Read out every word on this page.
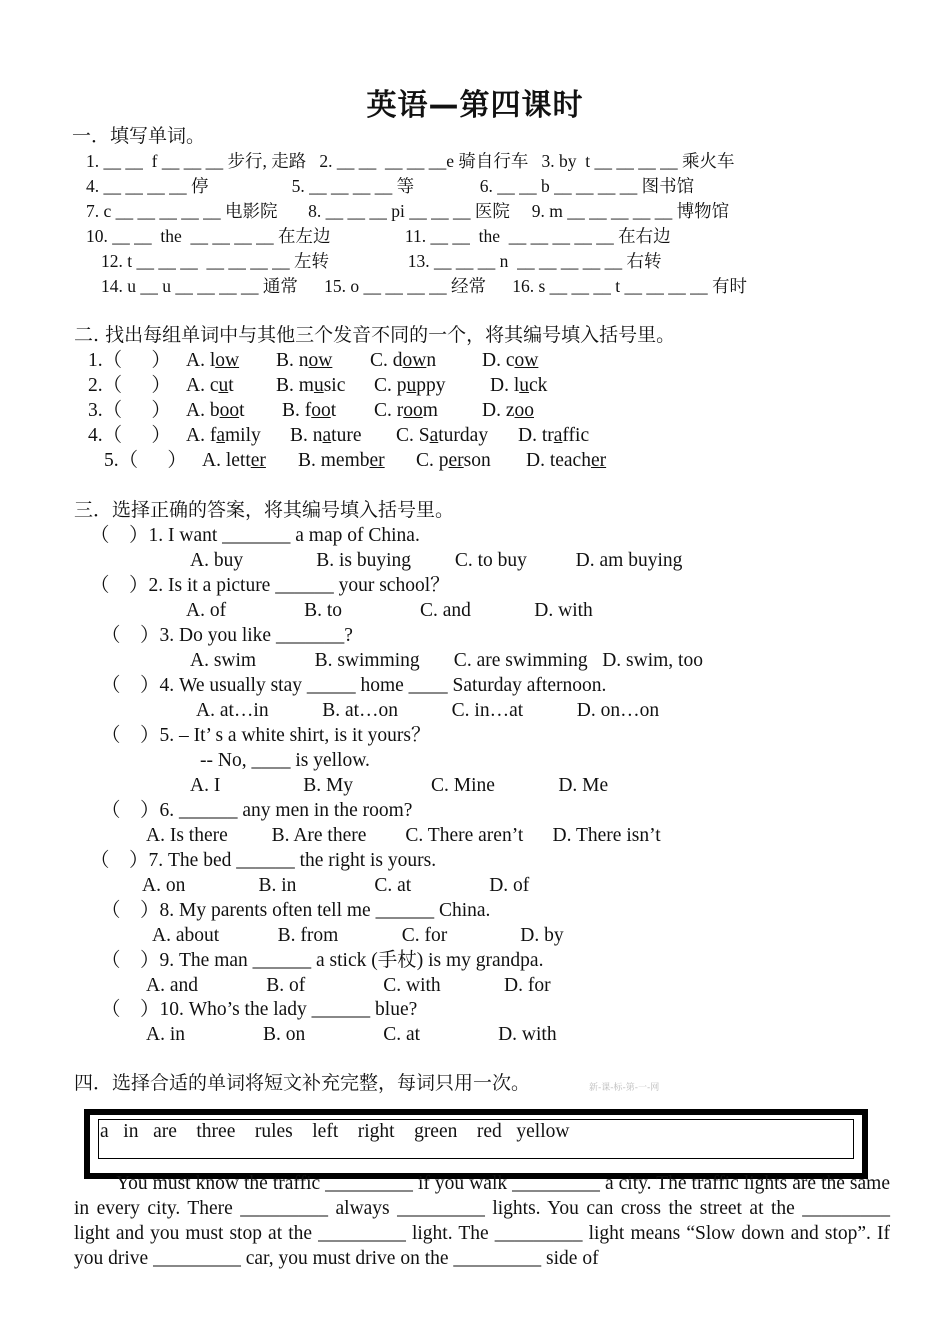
英语—第四课时
一．填写单词。
1. __ __  f __ __ __ 步行, 走路   2. __ __  __ __ __e 骑自行车   3. by  t __ __ __ __ 乘火车
4. __ __ __ __ 停                   5. __ __ __ __ 等               6. __ __ b __ __ __ __ 图书馆
7. c __ __ __ __ __ 电影院       8. __ __ __ pi __ __ __ 医院     9. m __ __ __ __ __ 博物馆
10. __ __  the  __ __ __ __ 在左边                 11. __ __  the  __ __ __ __ __ 在右边
12. t __ __ __  __ __ __ __ 左转                  13. __ __ __ n  __ __ __ __ __ 右转
14. u __ u __ __ __ __ 通常      15. o __ __ __ __ 经常      16. s __ __ __ t __ __ __ __ 有时
二. 找出每组单词中与其他三个发音不同的一个，将其编号填入括号里。
1.（      ） A. low B. now C. down D. cow
2.（      ） A. cut B. music C. puppy D. luck
3.（      ） A. boot B. foot C. room D. zoo
4.（      ） A. family B. nature C. Saturday D. traffic
5.（      ） A. letter B. member C. person D. teacher
三．选择正确的答案，将其编号填入括号里。
（    ）1. I want _______ a map of China.
A. buy               B. is buying         C. to buy          D. am buying
（    ）2. Is it a picture ______ your school？
A. of                B. to                C. and             D. with
（    ）3. Do you like _______?
A. swim            B. swimming       C. are swimming   D. swim, too
（    ）4. We usually stay _____ home ____ Saturday afternoon.
A. at…in           B. at…on           C. in…at           D. on…on
（    ）5. – It’ s a white shirt, is it yours？
-- No, ____ is yellow.
A. I                 B. My                C. Mine             D. Me
（    ）6. ______ any men in the room?
A. Is there         B. Are there        C. There aren’t      D. There isn’t
（    ）7. The bed ______ the right is yours.
A. on               B. in                C. at                D. of
（    ）8. My parents often tell me ______ China.
A. about            B. from             C. for               D. by
（    ）9. The man ______ a stick (手杖) is my grandpa.
A. and              B. of                C. with             D. for
（    ）10. Who’s the lady ______ blue?
A. in                B. on                C. at                D. with
四．选择合适的单词将短文补充完整，每词只用一次。	新-课-标-第-一-网
a   in   are    three    rules    left    right    green    red   yellow
You must know the traffic _________ if you walk _________ a city. The traffic lights are the same in every city. There _________ always _________ lights. You can cross the street at the _________ light and you must stop at the _________ light. The _________ light means “Slow down and stop”. If you drive _________ car, you must drive on the _________ side of
